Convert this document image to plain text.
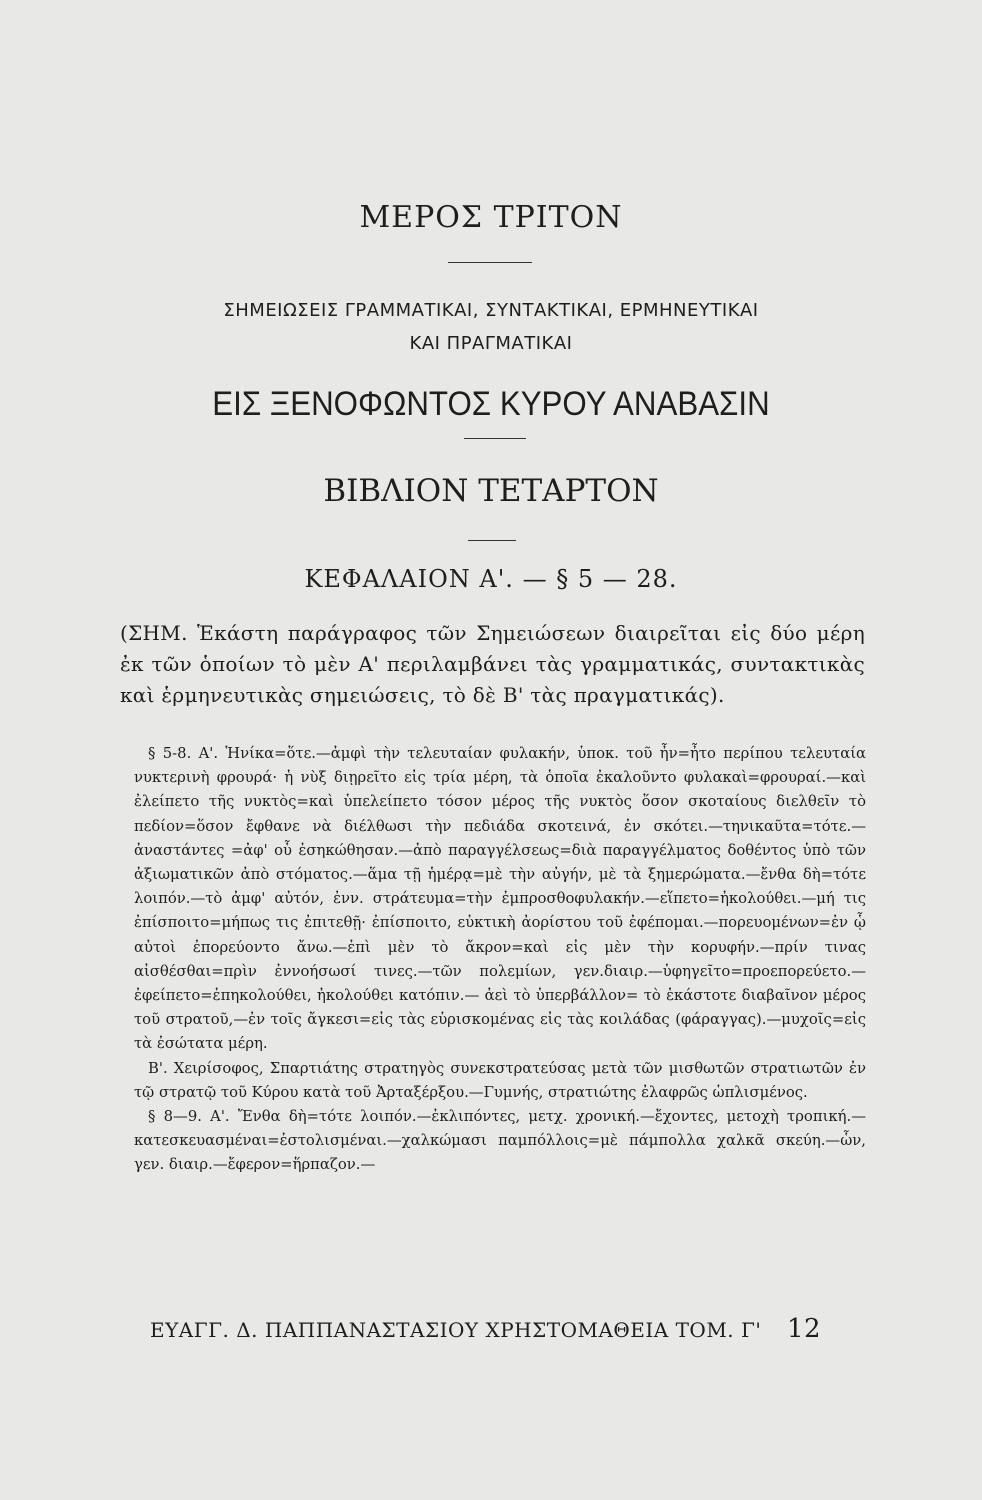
ΜΕΡΟΣ ΤΡΙΤΟΝ
ΣΗΜΕΙΩΣΕΙΣ ΓΡΑΜΜΑΤΙΚΑΙ, ΣΥΝΤΑΚΤΙΚΑΙ, ΕΡΜΗΝΕΥΤΙΚΑΙ
ΚΑΙ ΠΡΑΓΜΑΤΙΚΑΙ
ΕΙΣ ΞΕΝΟΦΩΝΤΟΣ ΚΥΡΟΥ ΑΝΑΒΑΣΙΝ
ΒΙΒΛΙΟΝ ΤΕΤΑΡΤΟΝ
ΚΕΦΑΛΑΙΟΝ Α'. — § 5 — 28.
(ΣΗΜ. Ἑκάστη παράγραφος τῶν Σημειώσεων διαιρεῖται εἰς δύο μέρη ἐκ τῶν ὁποίων τὸ μὲν Α' περιλαμβάνει τὰς γραμματικάς, συντακτικὰς καὶ ἑρμηνευτικὰς σημειώσεις, τὸ δὲ Β' τὰς πραγματικάς).

§ 5-8. Α'. Ἡνίκα=ὅτε.—ἀμφὶ τὴν τελευταίαν φυλακήν, ὑποκ. τοῦ ἦν=ἦτο περίπου τελευταία νυκτερινὴ φρουρά· ἡ νὺξ διῃρεῖτο εἰς τρία μέρη, τὰ ὁποῖα ἐκαλοῦντο φυλακαὶ=φρουραί.—καὶ ἐλείπετο τῆς νυκτὸς=καὶ ὑπελείπετο τόσον μέρος τῆς νυκτὸς ὅσον σκοταίους διελθεῖν τὸ πεδίον=ὅσον ἔφθανε νὰ διέλθωσι τὴν πεδιάδα σκοτεινά, ἐν σκότει.—τηνικαῦτα=τότε.—ἀναστάντες =ἀφ' οὗ ἐσηκώθησαν.—ἀπὸ παραγγέλσεως=διὰ παραγγέλματος δοθέντος ὑπὸ τῶν ἀξιωματικῶν ἀπὸ στόματος.—ἅμα τῇ ἡμέρᾳ=μὲ τὴν αὐγήν, μὲ τὰ ξημερώματα.—ἔνθα δὴ=τότε λοιπόν.—τὸ ἀμφ' αὐτόν, ἐνν. στράτευμα=τὴν ἐμπροσθοφυλακήν.—εἵπετο=ἠκολούθει.—μή τις ἐπίσποιτο=μήπως τις ἐπιτεθῇ· ἐπίσποιτο, εὐκτικὴ ἀορίστου τοῦ ἐφέπομαι.—πορευομένων=ἐν ᾧ αὐτοὶ ἐπορεύοντο ἄνω.—ἐπὶ μὲν τὸ ἄκρον=καὶ εἰς μὲν τὴν κορυφήν.—πρίν τινας αἰσθέσθαι=πρὶν ἐννοήσωσί τινες.—τῶν πολεμίων, γεν.διαιρ.—ὑφηγεῖτο=προεπορεύετο.—ἐφείπετο=ἐπηκολούθει, ἠκολούθει κατόπιν.— ἀεὶ τὸ ὑπερβάλλον= τὸ ἑκάστοτε διαβαῖνον μέρος τοῦ στρατοῦ,—ἐν τοῖς ἄγκεσι=εἰς τὰς εὑρισκομένας εἰς τὰς κοιλάδας (φάραγγας).—μυχοῖς=εἰς τὰ ἐσώτατα μέρη.

Β'. Χειρίσοφος, Σπαρτιάτης στρατηγὸς συνεκστρατεύσας μετὰ τῶν μισθωτῶν στρατιωτῶν ἐν τῷ στρατῷ τοῦ Κύρου κατὰ τοῦ Ἀρταξέρξου.—Γυμνής, στρατιώτης ἐλαφρῶς ὡπλισμένος.

§ 8—9. Α'. Ἔνθα δὴ=τότε λοιπόν.—ἐκλιπόντες, μετχ. χρονική.—ἔχοντες, μετοχὴ τροπική.—κατεσκευασμέναι=ἐστολισμέναι.—χαλκώμασι παμπόλλοις=μὲ πάμπολλα χαλκᾶ σκεύη.—ὧν, γεν. διαιρ.—ἔφερον=ἥρπαζον.—

ΕΥΑΓΓ. Δ. ΠΑΠΠΑΝΑΣΤΑΣΙΟΥ ΧΡΗΣΤΟΜΑΘΕΙΑ ΤΟΜ. Γ' 12
